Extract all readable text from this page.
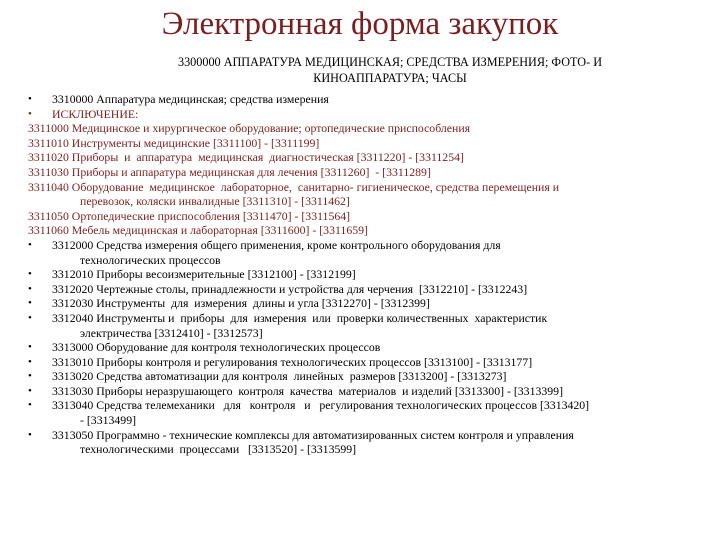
Электронная форма закупок
3300000 АППАРАТУРА МЕДИЦИНСКАЯ; СРЕДСТВА ИЗМЕРЕНИЯ; ФОТО- И
КИНОАППАРАТУРА; ЧАСЫ
•	3310000 Аппаратура медицинская; средства измерения
•	ИСКЛЮЧЕНИЕ:
3311000 Медицинское и хирургическое оборудование; ортопедические приспособления
3311010 Инструменты медицинские [3311100] - [3311199]
3311020 Приборы  и  аппаратура  медицинская  диагностическая [3311220] - [3311254]
3311030 Приборы и аппаратура медицинская для лечения [3311260]  - [3311289]
3311040 Оборудование  медицинское  лабораторное,  санитарно- гигиеническое, средства перемещения и
перевозок, коляски инвалидные [3311310] - [3311462]
3311050 Ортопедические приспособления [3311470] - [3311564]
3311060 Мебель медицинская и лабораторная [3311600] - [3311659]
•	3312000 Средства измерения общего применения, кроме контрольного оборудования для
технологических процессов
•	3312010 Приборы весоизмерительные [3312100] - [3312199]
•	3312020 Чертежные столы, принадлежности и устройства для черчения  [3312210] - [3312243]
•	3312030 Инструменты  для  измерения  длины и угла [3312270] - [3312399]
•	3312040 Инструменты и  приборы  для  измерения  или  проверки количественных  характеристик
электричества [3312410] - [3312573]
•	3313000 Оборудование для контроля технологических процессов
•	3313010 Приборы контроля и регулирования технологических процессов [3313100] - [3313177]
•	3313020 Средства автоматизации для контроля  линейных  размеров [3313200] - [3313273]
•	3313030 Приборы неразрушающего  контроля  качества  материалов  и изделий [3313300] - [3313399]
•	3313040 Средства телемеханики   для   контроля   и   регулирования технологических процессов [3313420]
- [3313499]
•	3313050 Программно - технические комплексы для автоматизированных систем контроля и управления
технологическими  процессами   [3313520] - [3313599]
